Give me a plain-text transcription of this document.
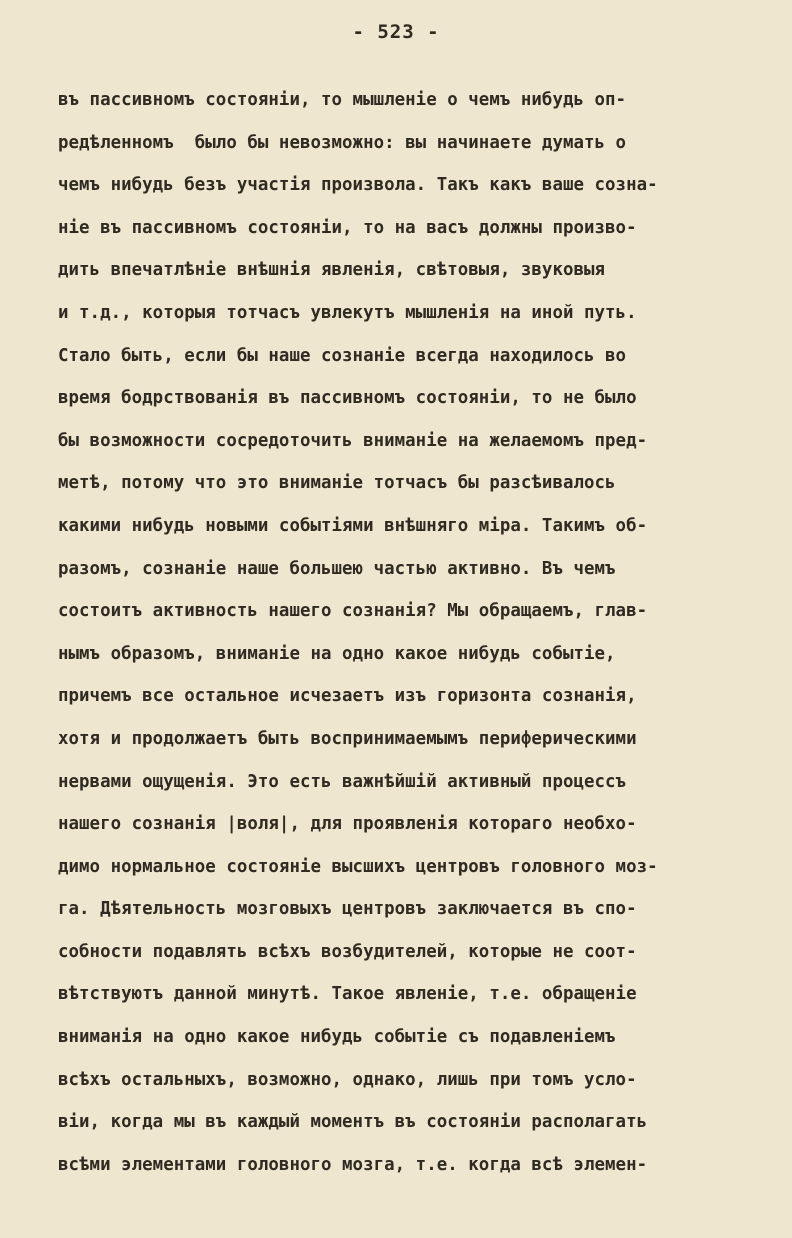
- 523 -
въ пассивномъ состоянiи, то мышленiе о чемъ нибудь оп-
редѣленномъ  было бы невозможно: вы начинаете думать о
чемъ нибудь безъ участiя произвола. Такъ какъ ваше созна-
нiе въ пассивномъ состоянiи, то на васъ должны произво-
дить впечатлѣнiе внѣшнiя явленiя, свѣтовыя, звуковыя
и т.д., которыя тотчасъ увлекутъ мышленiя на иной путь.
Стало быть, если бы наше сознанiе всегда находилось во
время бодрствованiя въ пассивномъ состоянiи, то не было
бы возможности сосредоточить вниманiе на желаемомъ пред-
метѣ, потому что это вниманiе тотчасъ бы разсѣивалось
какими нибудь новыми событiями внѣшняго мiра. Такимъ об-
разомъ, сознанiе наше большею частью активно. Въ чемъ
состоитъ активность нашего сознанiя? Мы обращаемъ, глав-
нымъ образомъ, вниманiе на одно какое нибудь событiе,
причемъ все остальное исчезаетъ изъ горизонта сознанiя,
хотя и продолжаетъ быть воспринимаемымъ периферическими
нервами ощущенiя. Это есть важнѣйшiй активный процессъ
нашего сознанiя |воля|, для проявленiя котораго необхо-
димо нормальное состоянiе высшихъ центровъ головного моз-
га. Дѣятельность мозговыхъ центровъ заключается въ спо-
собности подавлять всѣхъ возбудителей, которые не соот-
вѣтствуютъ данной минутѣ. Такое явленiе, т.е. обращенiе
вниманiя на одно какое нибудь событiе съ подавленiемъ
всѣхъ остальныхъ, возможно, однако, лишь при томъ усло-
вiи, когда мы въ каждый моментъ въ состоянiи располагать
всѣми элементами головного мозга, т.е. когда всѣ элемен-
